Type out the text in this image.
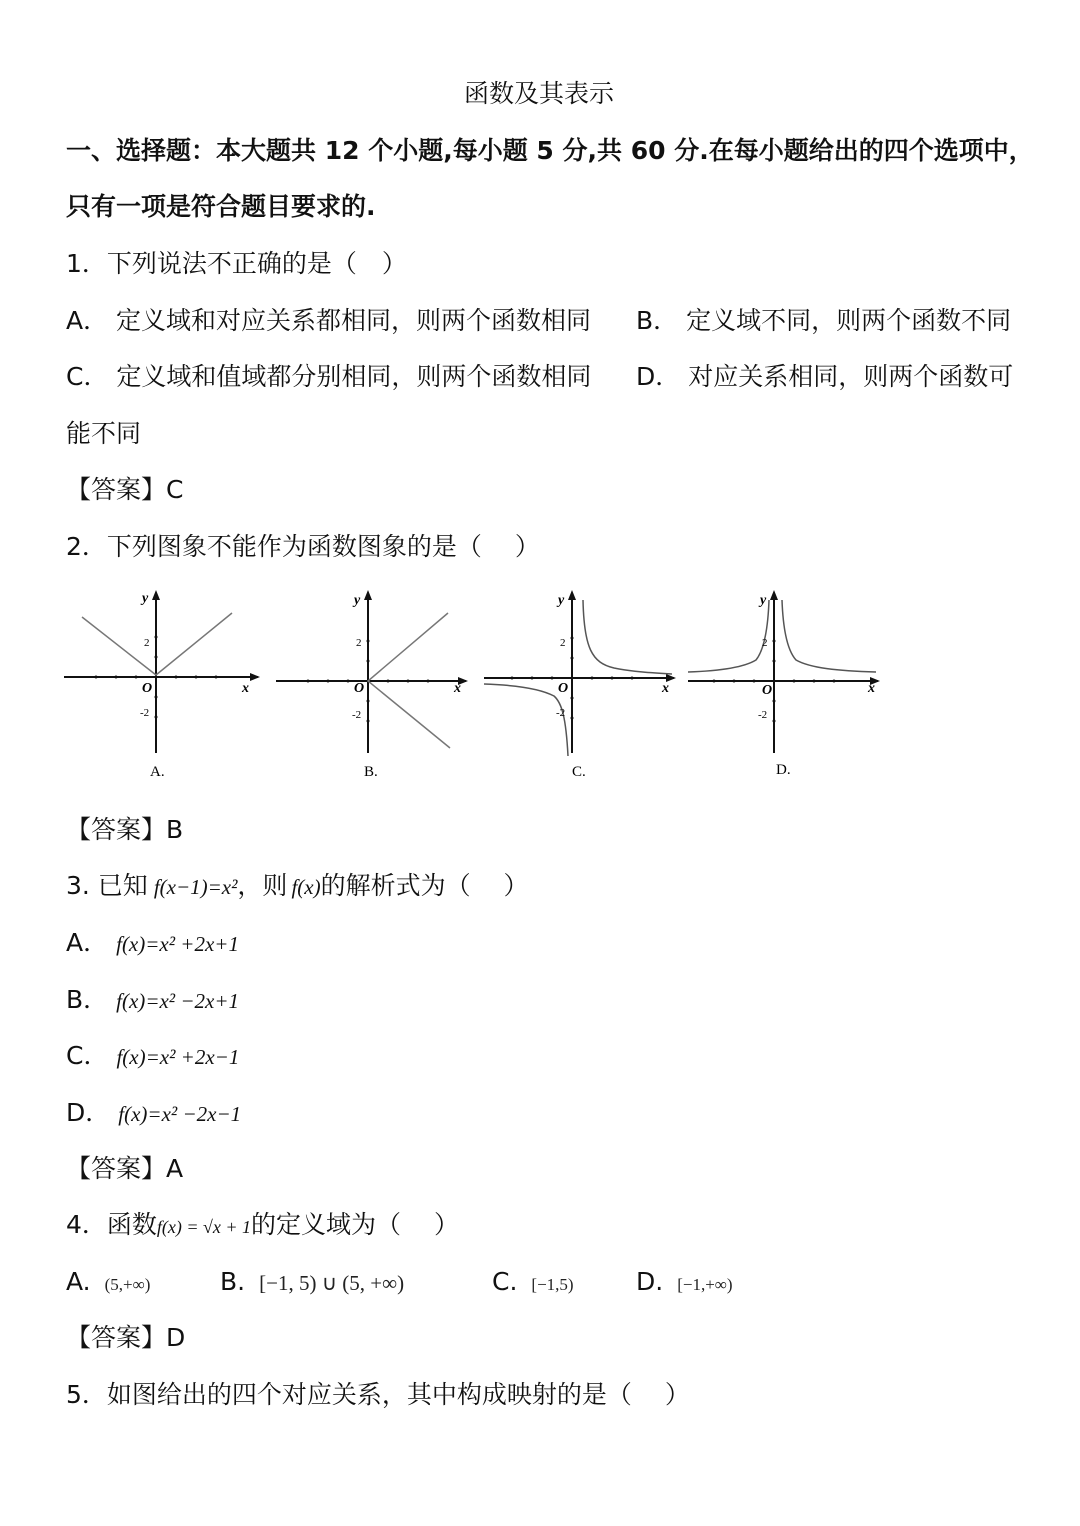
函数及其表示
一、选择题：本大题共 12 个小题,每小题 5 分,共 60 分.在每小题给出的四个选项中，
只有一项是符合题目要求的.
1．下列说法不正确的是（　）
A． 定义域和对应关系都相同，则两个函数相同 B． 定义域不同，则两个函数不同
C． 定义域和值域都分别相同，则两个函数相同 D． 对应关系相同，则两个函数可
能不同
【答案】C
2．下列图象不能作为函数图象的是（　 ）
y
x
O
2
-2
A.
y
x
O
2
-2
B.
y
x
O
2
-2
C.
y
x
O
2
-2
D.
【答案】B
3. 已知 f(x−1)=x²，则 f(x)的解析式为（　 ）
A． f(x)=x² +2x+1
B． f(x)=x² −2x+1
C． f(x)=x² +2x−1
D． f(x)=x² −2x−1
【答案】A
4．函数f(x) = √x + 1的定义域为（　 ）
A. (5,+∞)	B. [−1, 5) ∪ (5, +∞)	C. [−1,5) D. [−1,+∞)
【答案】D
5．如图给出的四个对应关系，其中构成映射的是（　 ）
